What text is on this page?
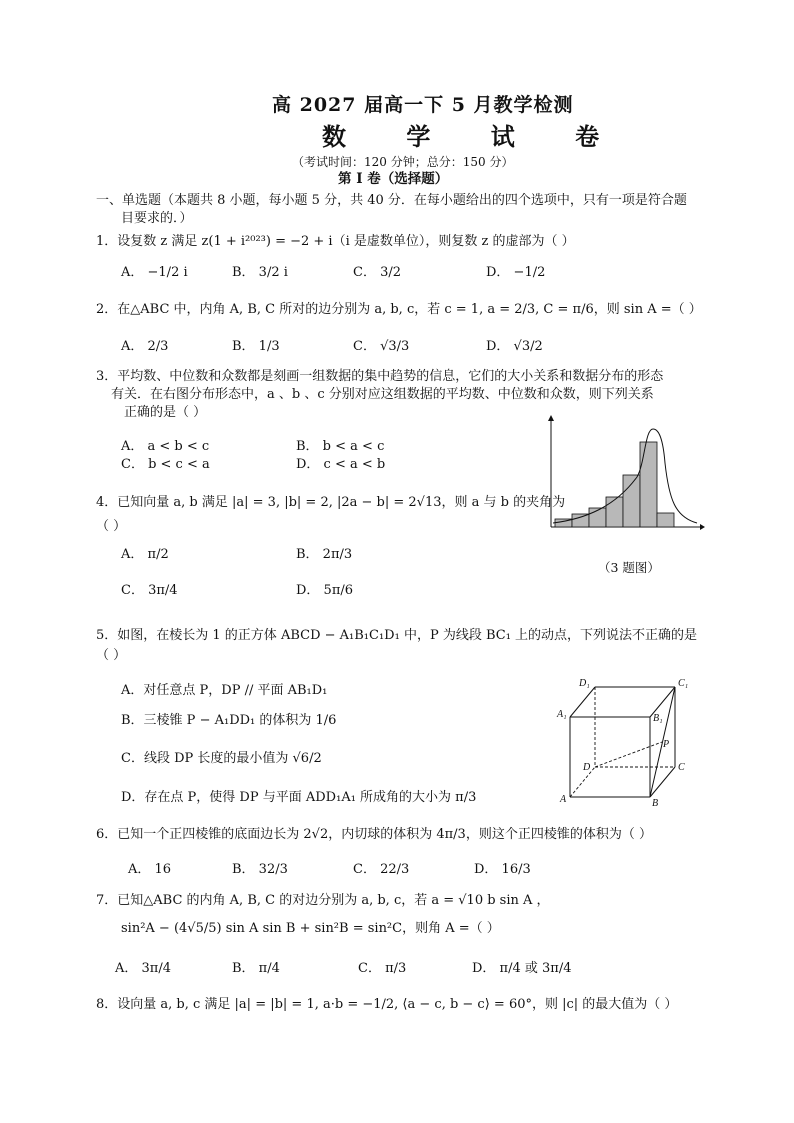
高 2027 届高一下 5 月教学检测
数 学 试 卷
（考试时间：120 分钟；总分：150 分）
第 I 卷（选择题）
一、单选题（本题共 8 小题，每小题 5 分，共 40 分．在每小题给出的四个选项中，只有一项是符合题
目要求的．）
1．设复数 z 满足 z(1 + i²⁰²³) = −2 + i（i 是虚数单位），则复数 z 的虚部为（ ）
A． −1/2 i	B． 3/2 i	C． 3/2	D． −1/2
2．在△ABC 中，内角 A, B, C 所对的边分别为 a, b, c，若 c = 1, a = 2/3, C = π/6，则 sin A =（ ）
A． 2/3	B． 1/3	C． √3/3	D． √3/2
3．平均数、中位数和众数都是刻画一组数据的集中趋势的信息，它们的大小关系和数据分布的形态
有关．在右图分布形态中，a 、b 、c 分别对应这组数据的平均数、中位数和众数，则下列关系
正确的是（ ）
A． a < b < c	B． b < a < c
C． b < c < a	D． c < a < b
（3 题图）
4．已知向量 a, b 满足 |a| = 3, |b| = 2, |2a − b| = 2√13，则 a 与 b 的夹角为
（ ）
A． π/2	B． 2π/3
C． 3π/4	D． 5π/6
5．如图，在棱长为 1 的正方体 ABCD − A₁B₁C₁D₁ 中，P 为线段 BC₁ 上的动点，下列说法不正确的是
（ ）
A．对任意点 P，DP // 平面 AB₁D₁
B．三棱锥 P − A₁DD₁ 的体积为 1/6
C．线段 DP 长度的最小值为 √6/2
D．存在点 P，使得 DP 与平面 ADD₁A₁ 所成角的大小为 π/3
D₁	C₁
A₁	B₁
P
D	C
A	B
6．已知一个正四棱锥的底面边长为 2√2，内切球的体积为 4π/3，则这个正四棱锥的体积为（ ）
A． 16	B． 32/3	C． 22/3	D． 16/3
7．已知△ABC 的内角 A, B, C 的对边分别为 a, b, c，若 a = √10 b sin A ，
sin²A − (4√5/5) sin A sin B + sin²B = sin²C，则角 A =（ ）
A． 3π/4	B． π/4	C． π/3	D． π/4 或 3π/4
8．设向量 a, b, c 满足 |a| = |b| = 1, a·b = −1/2, ⟨a − c, b − c⟩ = 60°，则 |c| 的最大值为（ ）
